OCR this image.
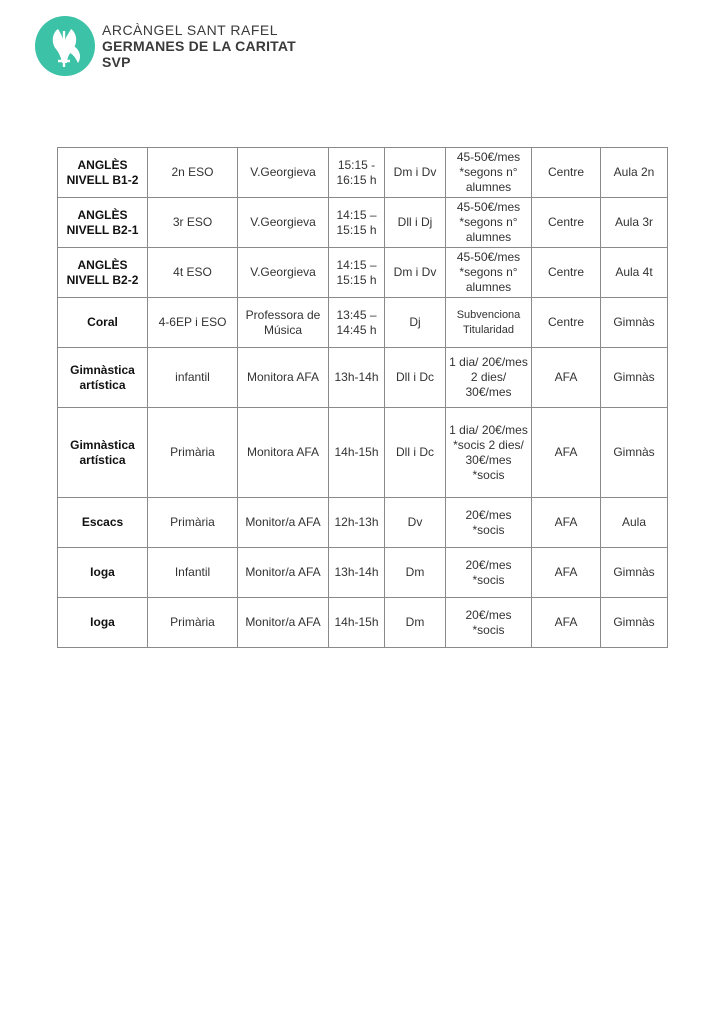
ARCÀNGEL SANT RAFEL
GERMANES DE LA CARITAT
SVP
ANGLÈS NIVELL B1-2	2n ESO	V.Georgieva	15:15 - 16:15 h	Dm i Dv	45-50€/mes *segons n° alumnes	Centre	Aula 2n
ANGLÈS NIVELL B2-1	3r ESO	V.Georgieva	14:15 – 15:15 h	Dll i Dj	45-50€/mes *segons n° alumnes	Centre	Aula 3r
ANGLÈS NIVELL B2-2	4t ESO	V.Georgieva	14:15 – 15:15 h	Dm i Dv	45-50€/mes *segons n° alumnes	Centre	Aula 4t
Coral	4-6EP i ESO	Professora de Música	13:45 – 14:45 h	Dj	Subvenciona Titularidad	Centre	Gimnàs
Gimnàstica artística	infantil	Monitora AFA	13h-14h	Dll i Dc	1 dia/ 20€/mes 2 dies/ 30€/mes	AFA	Gimnàs
Gimnàstica artística	Primària	Monitora AFA	14h-15h	Dll i Dc	1 dia/ 20€/mes *socis 2 dies/ 30€/mes *socis	AFA	Gimnàs
Escacs	Primària	Monitor/a AFA	12h-13h	Dv	20€/mes *socis	AFA	Aula
Ioga	Infantil	Monitor/a AFA	13h-14h	Dm	20€/mes *socis	AFA	Gimnàs
Ioga	Primària	Monitor/a AFA	14h-15h	Dm	20€/mes *socis	AFA	Gimnàs
